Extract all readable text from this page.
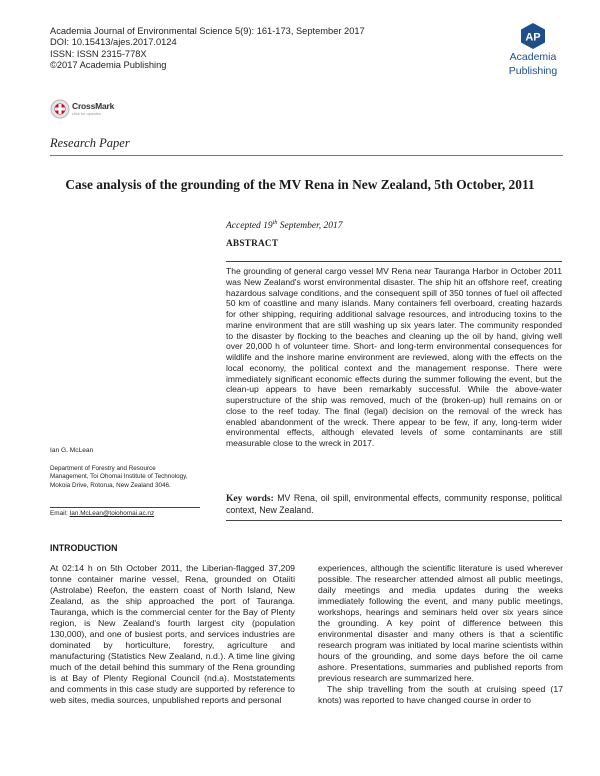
Academia Journal of Environmental Science 5(9): 161-173, September 2017
DOI: 10.15413/ajes.2017.0124
ISSN: ISSN 2315-778X
©2017 Academia Publishing
AP
Academia
Publishing
CrossMark
click for updates
Research Paper
Case analysis of the grounding of the MV Rena in New Zealand, 5th October, 2011
Accepted 19th September, 2017
ABSTRACT
The grounding of general cargo vessel MV Rena near Tauranga Harbor in October 2011 was New Zealand's worst environmental disaster. The ship hit an offshore reef, creating hazardous salvage conditions, and the consequent spill of 350 tonnes of fuel oil affected 50 km of coastline and many islands. Many containers fell overboard, creating hazards for other shipping, requiring additional salvage resources, and introducing toxins to the marine environment that are still washing up six years later. The community responded to the disaster by flocking to the beaches and cleaning up the oil by hand, giving well over 20,000 h of volunteer time. Short- and long-term environmental consequences for wildlife and the inshore marine environment are reviewed, along with the effects on the local economy, the political context and the management response. There were immediately significant economic effects during the summer following the event, but the clean-up appears to have been remarkably successful. While the above-water superstructure of the ship was removed, much of the (broken-up) hull remains on or close to the reef today. The final (legal) decision on the removal of the wreck has enabled abandonment of the wreck. There appear to be few, if any, long-term wider environmental effects, although elevated levels of some contaminants are still measurable close to the wreck in 2017.
Key words: MV Rena, oil spill, environmental effects, community response, political context, New Zealand.
Ian G. McLean
Department of Forestry and Resource Management, Toi Ohomai Institute of Technology, Mokoia Drive, Rotorua, New Zealand 3046.
Email: Ian.McLean@toiohomai.ac.nz
INTRODUCTION

At 02:14 h on 5th October 2011, the Liberian-flagged 37,209 tonne container marine vessel, Rena, grounded on Otaiiti (Astrolabe) Reefon, the eastern coast of North Island, New Zealand, as the ship approached the port of Tauranga. Tauranga, which is the commercial center for the Bay of Plenty region, is New Zealand's fourth largest city (population 130,000), and one of busiest ports, and services industries are dominated by horticulture, forestry, agriculture and manufacturing (Statistics New Zealand, n.d.). A time line giving much of the detail behind this summary of the Rena grounding is at Bay of Plenty Regional Council (nd.a). Moststatements and comments in this case study are supported by reference to web sites, media sources, unpublished reports and personal

experiences, although the scientific literature is used wherever possible. The researcher attended almost all public meetings, daily meetings and media updates during the weeks immediately following the event, and many public meetings, workshops, hearings and seminars held over six years since the grounding. A key point of difference between this environmental disaster and many others is that a scientific research program was initiated by local marine scientists within hours of the grounding, and some days before the oil came ashore. Presentations, summaries and published reports from previous research are summarized here.

The ship travelling from the south at cruising speed (17 knots) was reported to have changed course in order to
